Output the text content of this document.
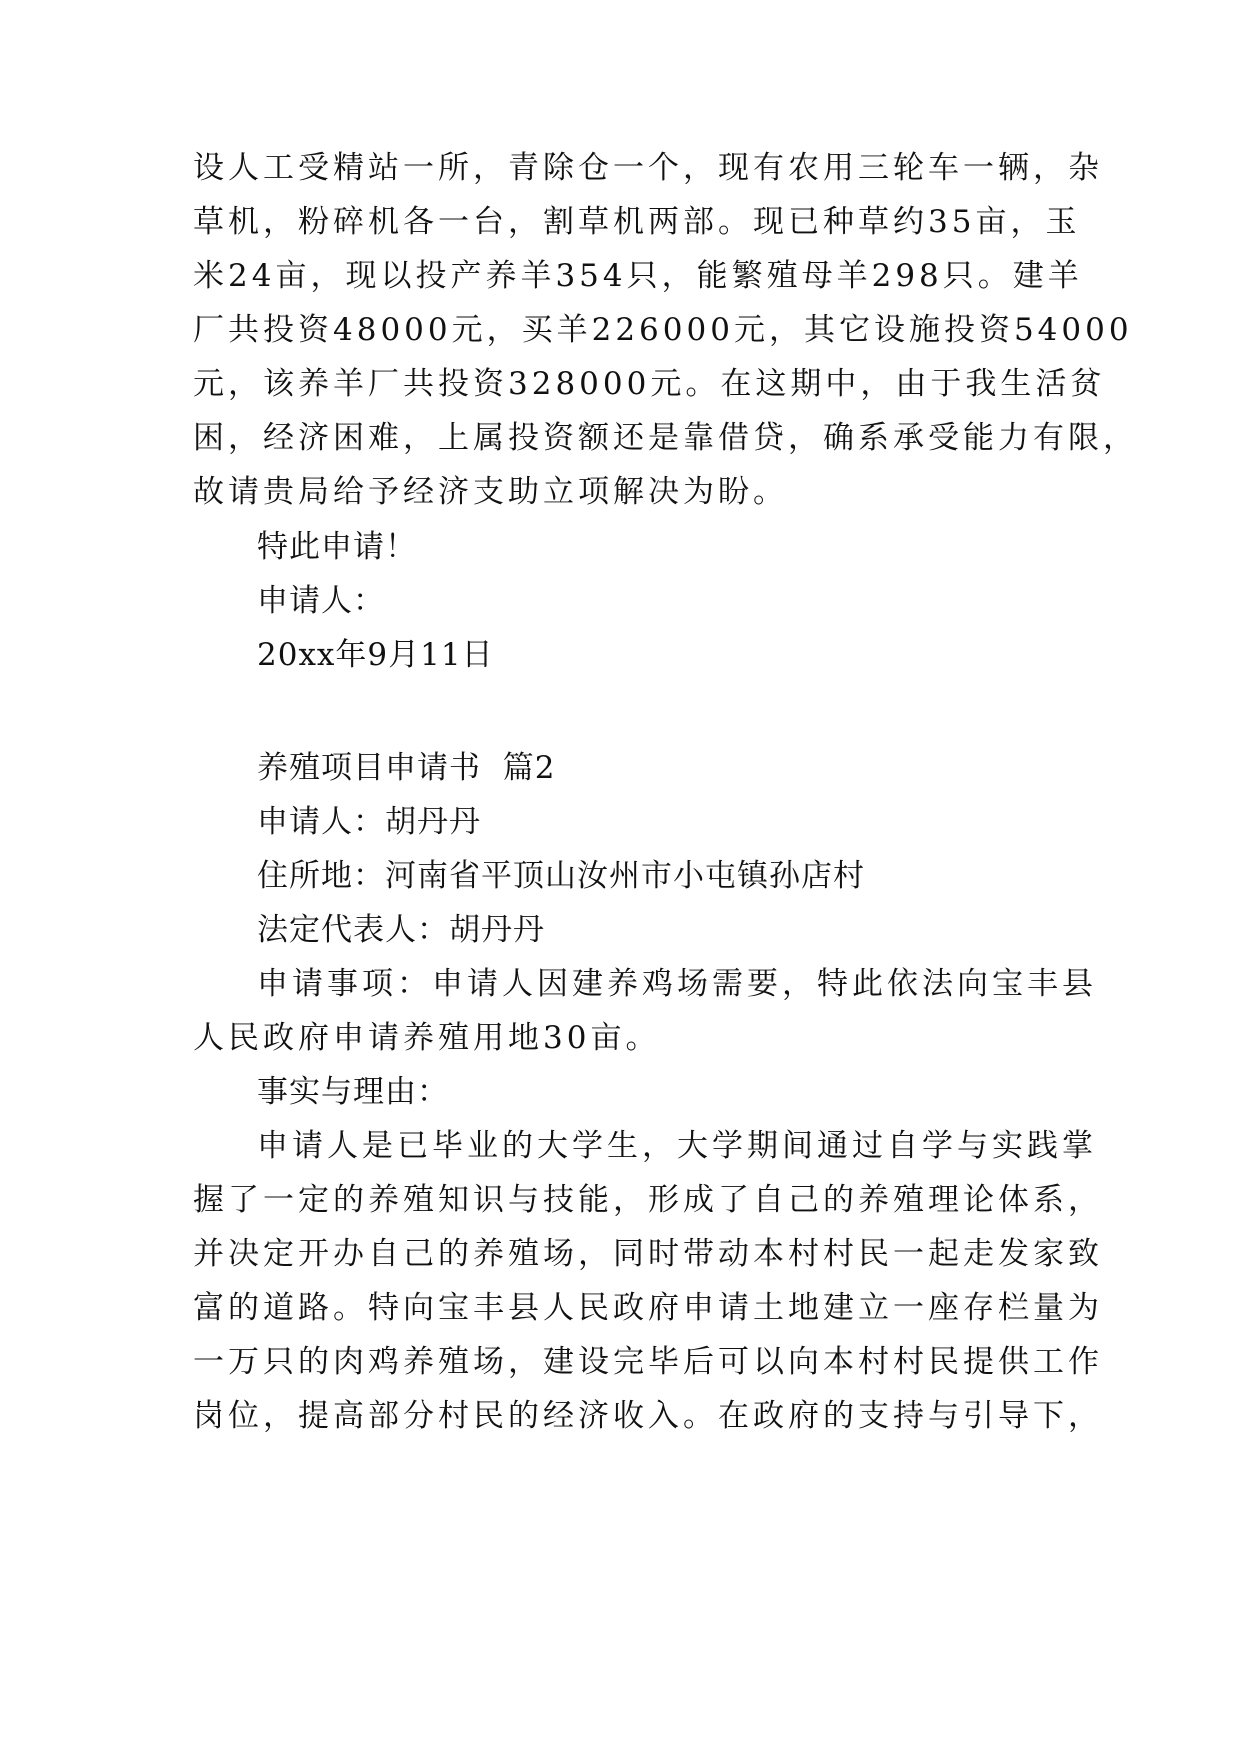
设人工受精站一所，青除仓一个，现有农用三轮车一辆，杂
草机，粉碎机各一台，割草机两部。现已种草约35亩，玉
米24亩，现以投产养羊354只，能繁殖母羊298只。建羊
厂共投资48000元，买羊226000元，其它设施投资54000
元，该养羊厂共投资328000元。在这期中，由于我生活贫
困，经济困难，上属投资额还是靠借贷，确系承受能力有限，
故请贵局给予经济支助立项解决为盼。
特此申请！
申请人：
20xx年9月11日
养殖项目申请书  篇2
申请人：胡丹丹
住所地：河南省平顶山汝州市小屯镇孙店村
法定代表人：胡丹丹
申请事项：申请人因建养鸡场需要，特此依法向宝丰县
人民政府申请养殖用地30亩。
事实与理由：
申请人是已毕业的大学生，大学期间通过自学与实践掌
握了一定的养殖知识与技能，形成了自己的养殖理论体系，
并决定开办自己的养殖场，同时带动本村村民一起走发家致
富的道路。特向宝丰县人民政府申请土地建立一座存栏量为
一万只的肉鸡养殖场，建设完毕后可以向本村村民提供工作
岗位，提高部分村民的经济收入。在政府的支持与引导下，
